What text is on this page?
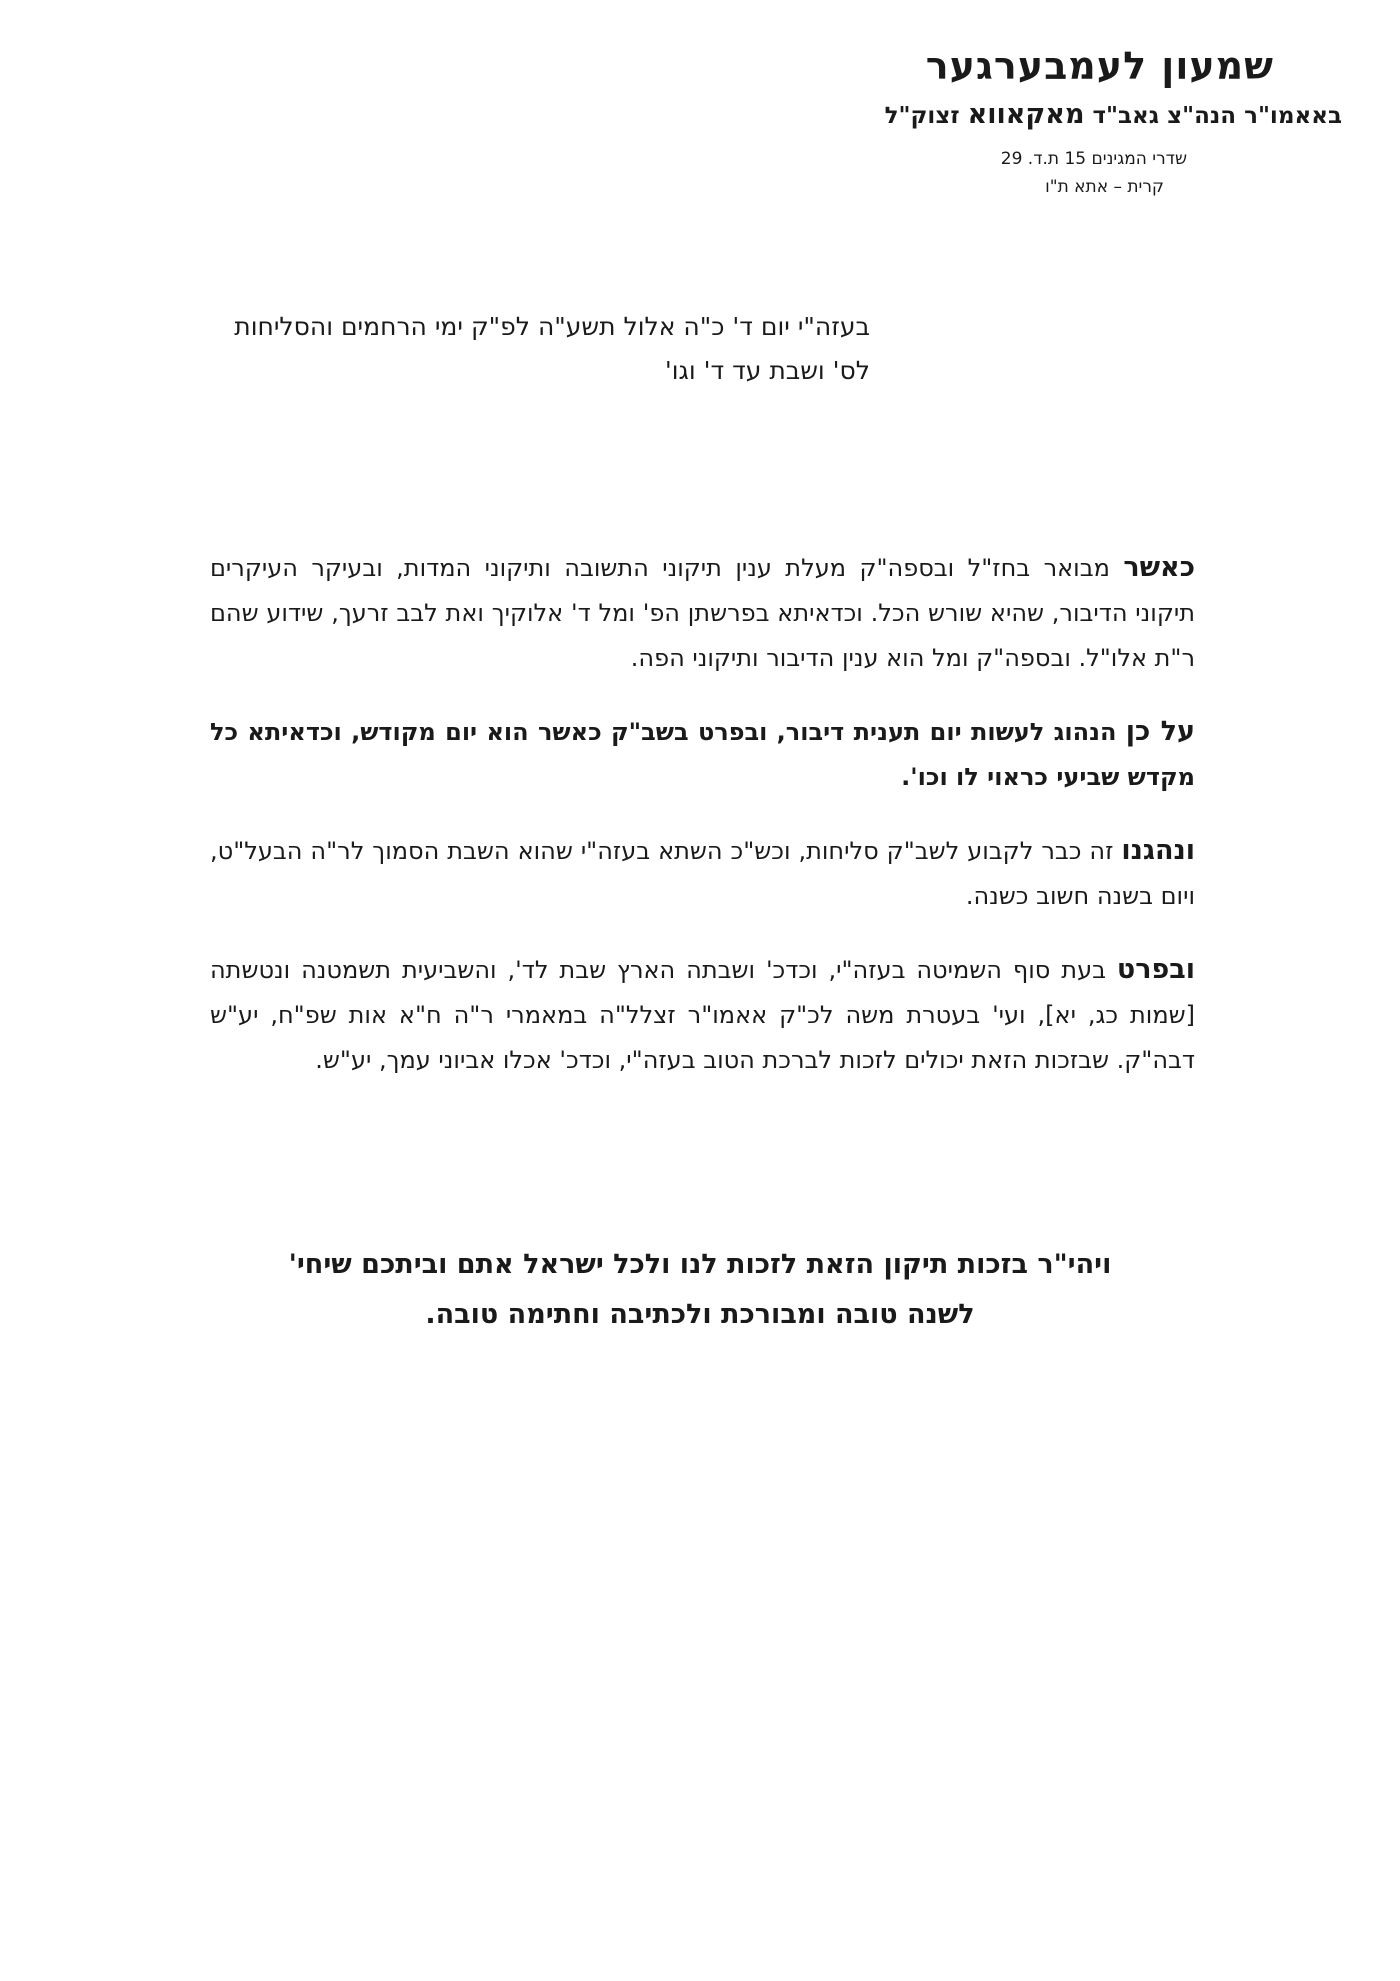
שמעון לעמבערגער
באאמו"ר הנה"צ גאב"ד מאקאווא זצוק"ל
שדרי המגינים 15 ת.ד. 29
קרית – אתא ת"ו
בעזה"י יום ד' כ"ה אלול תשע"ה לפ"ק ימי הרחמים והסליחות
לס' ושבת עד ד' וגו'

כאשר מבואר בחז"ל ובספה"ק מעלת ענין תיקוני התשובה ותיקוני המדות, ובעיקר העיקרים תיקוני הדיבור, שהיא שורש הכל. וכדאיתא בפרשתן הפ' ומל ד' אלוקיך ואת לבב זרעך, שידוע שהם ר"ת אלו"ל. ובספה"ק ומל הוא ענין הדיבור ותיקוני הפה.

על כן הנהוג לעשות יום תענית דיבור, ובפרט בשב"ק כאשר הוא יום מקודש, וכדאיתא כל מקדש שביעי כראוי לו וכו'.

ונהגנו זה כבר לקבוע לשב"ק סליחות, וכש"כ השתא בעזה"י שהוא השבת הסמוך לר"ה הבעל"ט, ויום בשנה חשוב כשנה.

ובפרט בעת סוף השמיטה בעזה"י, וכדכ' ושבתה הארץ שבת לד', והשביעית תשמטנה ונטשתה [שמות כג, יא], ועי' בעטרת משה לכ"ק אאמו"ר זצלל"ה במאמרי ר"ה ח"א אות שפ"ח, יע"ש דבה"ק. שבזכות הזאת יכולים לזכות לברכת הטוב בעזה"י, וכדכ' אכלו אביוני עמך, יע"ש.

ויהי"ר בזכות תיקון הזאת לזכות לנו ולכל ישראל אתם וביתכם שיחי'
לשנה טובה ומבורכת ולכתיבה וחתימה טובה.
